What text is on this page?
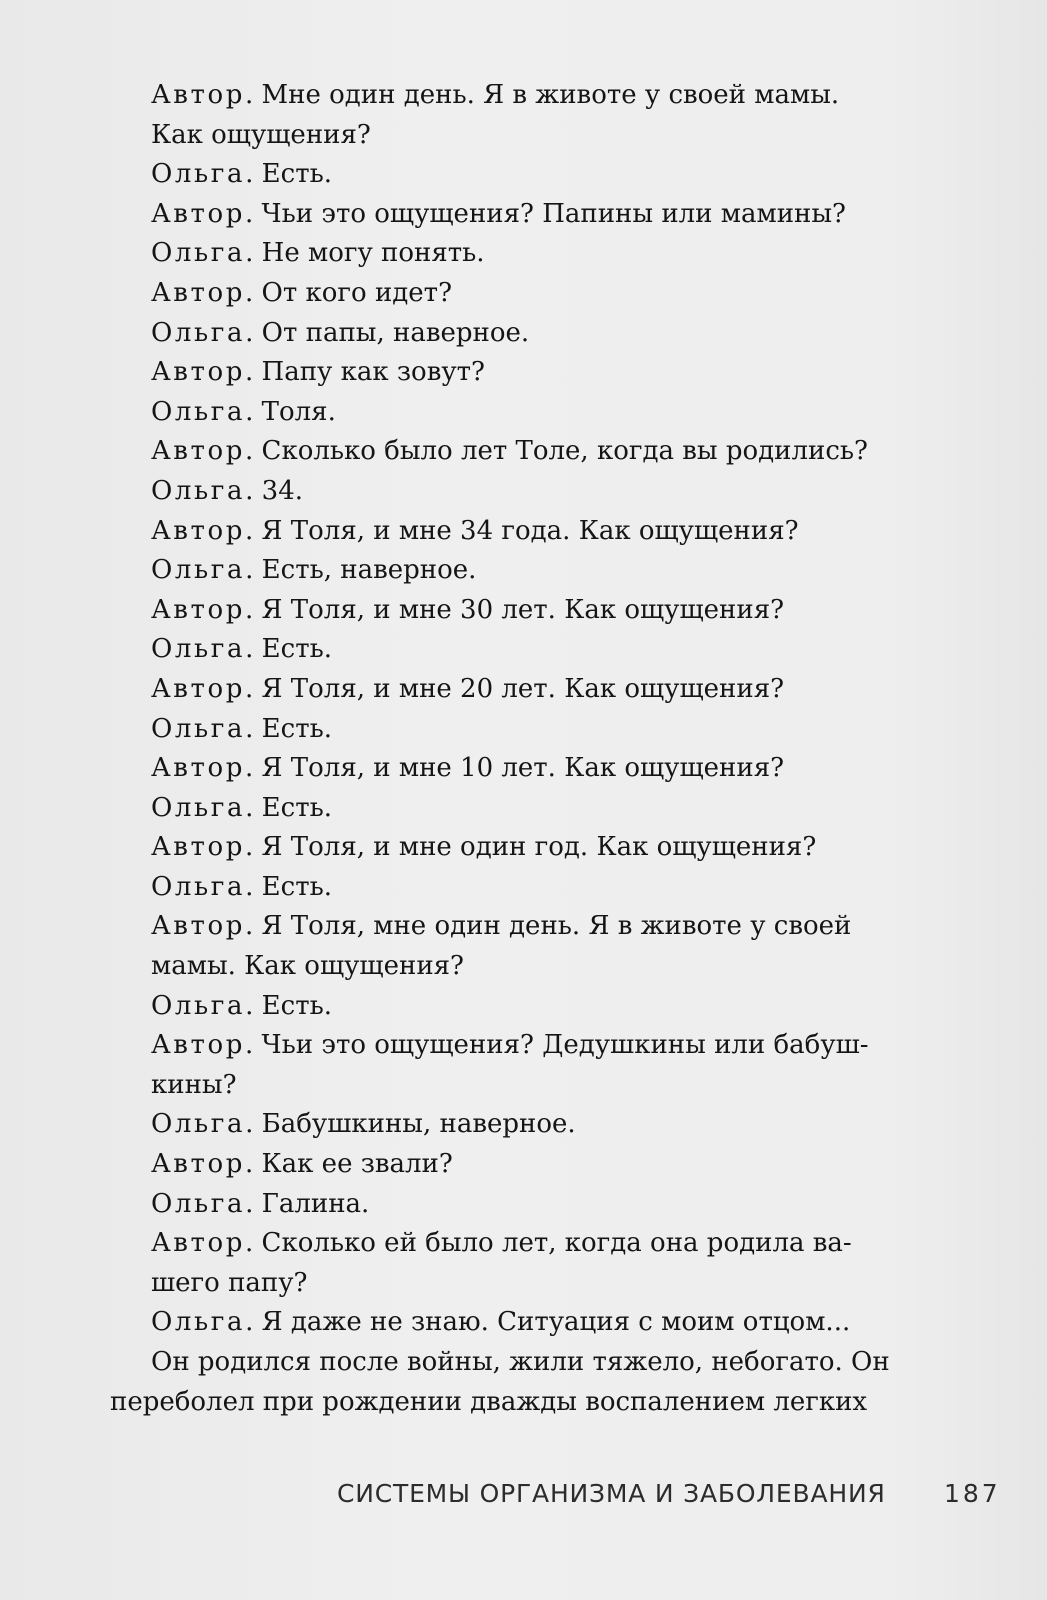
Автор. Мне один день. Я в животе у своей мамы.
Как ощущения?

Ольга. Есть.

Автор. Чьи это ощущения? Папины или мамины?

Ольга. Не могу понять.

Автор. От кого идет?

Ольга. От папы, наверное.

Автор. Папу как зовут?

Ольга. Толя.

Автор. Сколько было лет Толе, когда вы родились?

Ольга. 34.

Автор. Я Толя, и мне 34 года. Как ощущения?

Ольга. Есть, наверное.

Автор. Я Толя, и мне 30 лет. Как ощущения?

Ольга. Есть.

Автор. Я Толя, и мне 20 лет. Как ощущения?

Ольга. Есть.

Автор. Я Толя, и мне 10 лет. Как ощущения?

Ольга. Есть.

Автор. Я Толя, и мне один год. Как ощущения?

Ольга. Есть.

Автор. Я Толя, мне один день. Я в животе у своей
мамы. Как ощущения?

Ольга. Есть.

Автор. Чьи это ощущения? Дедушкины или бабуш-
кины?

Ольга. Бабушкины, наверное.

Автор. Как ее звали?

Ольга. Галина.

Автор. Сколько ей было лет, когда она родила ва-
шего папу?

Ольга. Я даже не знаю. Ситуация с моим отцом...
Он родился после войны, жили тяжело, небогато. Он
переболел при рождении дважды воспалением легких

СИСТЕМЫ ОРГАНИЗМА И ЗАБОЛЕВАНИЯ 187
